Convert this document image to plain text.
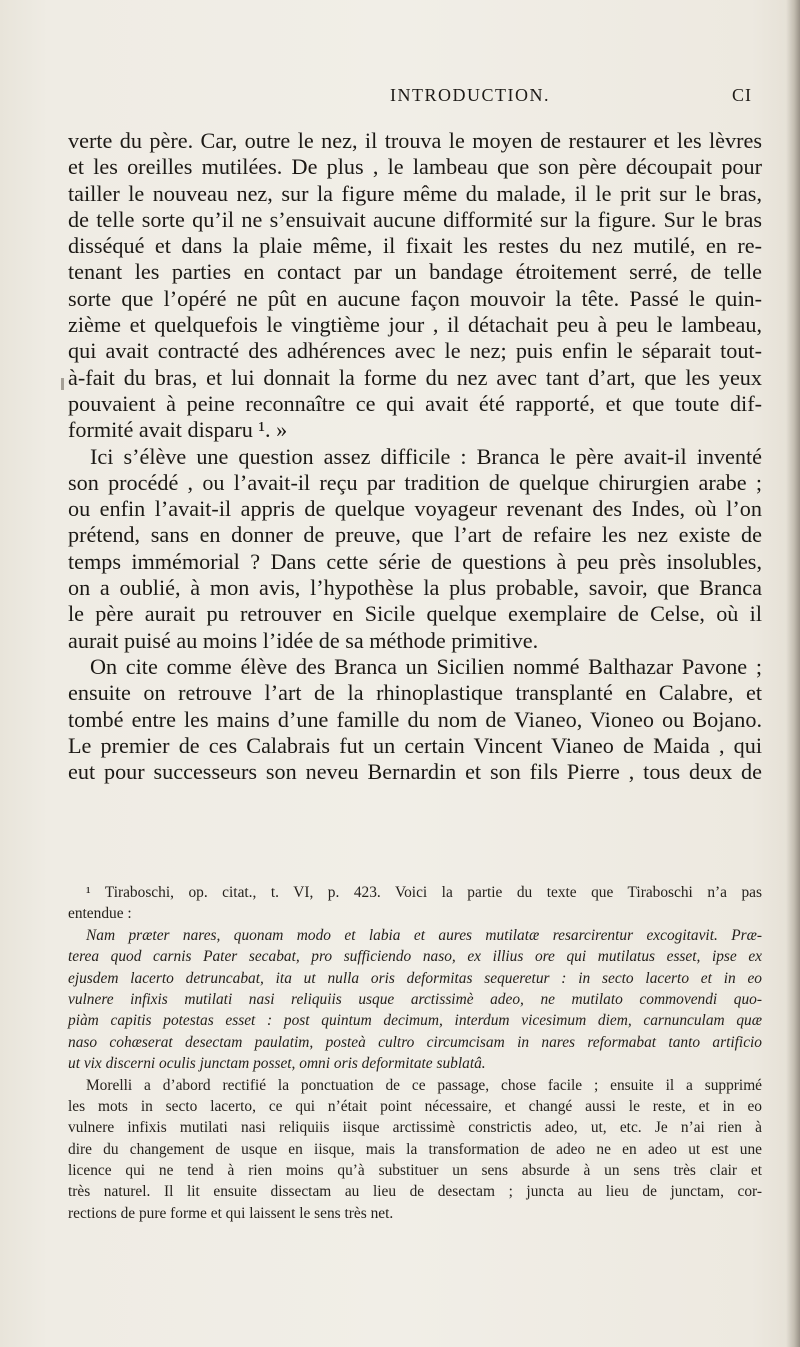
INTRODUCTION.	CI
verte du père. Car, outre le nez, il trouva le moyen de restaurer et les lèvres
et les oreilles mutilées. De plus , le lambeau que son père découpait pour
tailler le nouveau nez, sur la figure même du malade, il le prit sur le bras,
de telle sorte qu’il ne s’ensuivait aucune difformité sur la figure. Sur le bras
disséqué et dans la plaie même, il fixait les restes du nez mutilé, en re-
tenant les parties en contact par un bandage étroitement serré, de telle
sorte que l’opéré ne pût en aucune façon mouvoir la tête. Passé le quin-
zième et quelquefois le vingtième jour , il détachait peu à peu le lambeau,
qui avait contracté des adhérences avec le nez; puis enfin le séparait tout-
à-fait du bras, et lui donnait la forme du nez avec tant d’art, que les yeux
pouvaient à peine reconnaître ce qui avait été rapporté, et que toute dif-
formité avait disparu ¹. »
Ici s’élève une question assez difficile : Branca le père avait-il inventé
son procédé , ou l’avait-il reçu par tradition de quelque chirurgien arabe ;
ou enfin l’avait-il appris de quelque voyageur revenant des Indes, où l’on
prétend, sans en donner de preuve, que l’art de refaire les nez existe de
temps immémorial ? Dans cette série de questions à peu près insolubles,
on a oublié, à mon avis, l’hypothèse la plus probable, savoir, que Branca
le père aurait pu retrouver en Sicile quelque exemplaire de Celse, où il
aurait puisé au moins l’idée de sa méthode primitive.
On cite comme élève des Branca un Sicilien nommé Balthazar Pavone ;
ensuite on retrouve l’art de la rhinoplastique transplanté en Calabre, et
tombé entre les mains d’une famille du nom de Vianeo, Vioneo ou Bojano.
Le premier de ces Calabrais fut un certain Vincent Vianeo de Maida , qui
eut pour successeurs son neveu Bernardin et son fils Pierre , tous deux de
¹ Tiraboschi, op. citat., t. VI, p. 423. Voici la partie du texte que Tiraboschi n’a pas
entendue :
Nam præter nares, quonam modo et labia et aures mutilatæ resarcirentur excogitavit. Præ-
terea quod carnis Pater secabat, pro sufficiendo naso, ex illius ore qui mutilatus esset, ipse ex
ejusdem lacerto detruncabat, ita ut nulla oris deformitas sequeretur : in secto lacerto et in eo
vulnere infixis mutilati nasi reliquiis usque arctissimè adeo, ne mutilato commovendi quo-
piàm capitis potestas esset : post quintum decimum, interdum vicesimum diem, carnunculam quæ
naso cohæserat desectam paulatim, posteà cultro circumcisam in nares reformabat tanto artificio
ut vix discerni oculis junctam posset, omni oris deformitate sublatâ.
Morelli a d’abord rectifié la ponctuation de ce passage, chose facile ; ensuite il a supprimé
les mots in secto lacerto, ce qui n’était point nécessaire, et changé aussi le reste, et in eo
vulnere infixis mutilati nasi reliquiis iisque arctissimè constrictis adeo, ut, etc. Je n’ai rien à
dire du changement de usque en iisque, mais la transformation de adeo ne en adeo ut est une
licence qui ne tend à rien moins qu’à substituer un sens absurde à un sens très clair et
très naturel. Il lit ensuite dissectam au lieu de desectam ; juncta au lieu de junctam, cor-
rections de pure forme et qui laissent le sens très net.
